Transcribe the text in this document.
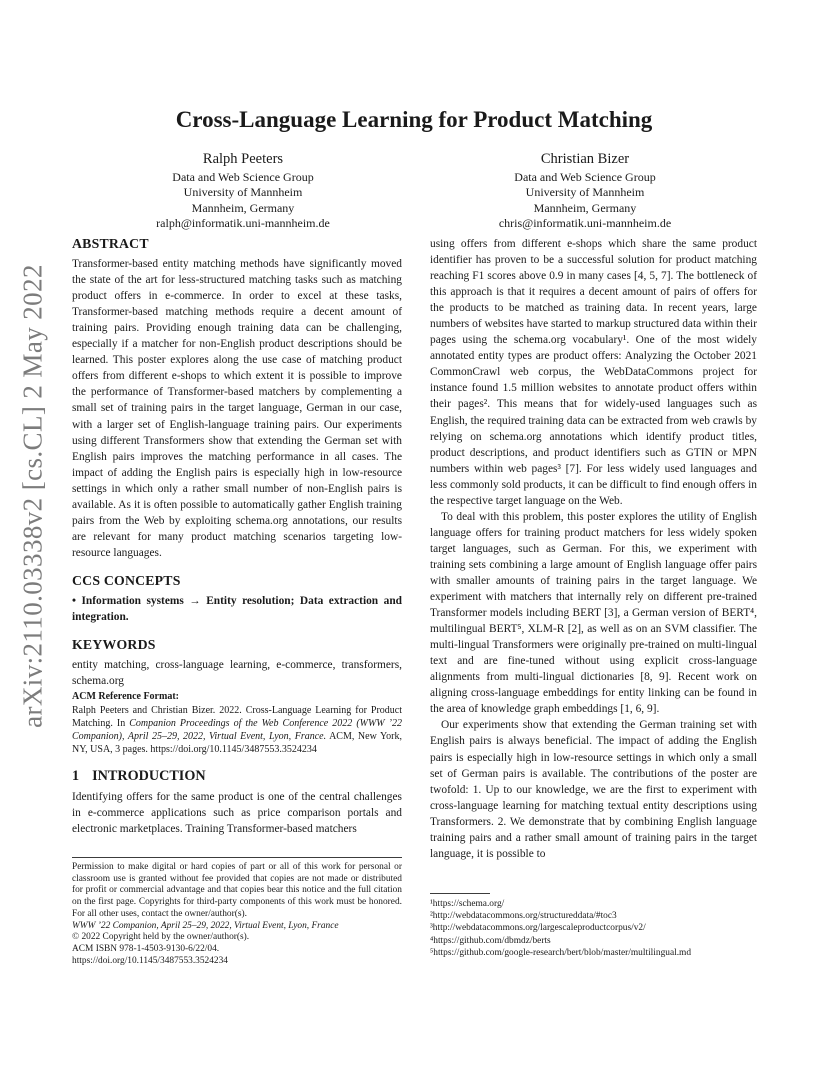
arXiv:2110.03338v2 [cs.CL] 2 May 2022
Cross-Language Learning for Product Matching
Ralph Peeters
Data and Web Science Group
University of Mannheim
Mannheim, Germany
ralph@informatik.uni-mannheim.de
Christian Bizer
Data and Web Science Group
University of Mannheim
Mannheim, Germany
chris@informatik.uni-mannheim.de
ABSTRACT

Transformer-based entity matching methods have significantly moved the state of the art for less-structured matching tasks such as matching product offers in e-commerce. In order to excel at these tasks, Transformer-based matching methods require a decent amount of training pairs. Providing enough training data can be challenging, especially if a matcher for non-English product descriptions should be learned. This poster explores along the use case of matching product offers from different e-shops to which extent it is possible to improve the performance of Transformer-based matchers by complementing a small set of training pairs in the target language, German in our case, with a larger set of English-language training pairs. Our experiments using different Transformers show that extending the German set with English pairs improves the matching performance in all cases. The impact of adding the English pairs is especially high in low-resource settings in which only a rather small number of non-English pairs is available. As it is often possible to automatically gather English training pairs from the Web by exploiting schema.org annotations, our results are relevant for many product matching scenarios targeting low-resource languages.

CCS CONCEPTS

• Information systems → Entity resolution; Data extraction and integration.

KEYWORDS

entity matching, cross-language learning, e-commerce, transformers, schema.org

ACM Reference Format:

Ralph Peeters and Christian Bizer. 2022. Cross-Language Learning for Product Matching. In Companion Proceedings of the Web Conference 2022 (WWW ’22 Companion), April 25–29, 2022, Virtual Event, Lyon, France. ACM, New York, NY, USA, 3 pages. https://doi.org/10.1145/3487553.3524234

1 INTRODUCTION

Identifying offers for the same product is one of the central challenges in e-commerce applications such as price comparison portals and electronic marketplaces. Training Transformer-based matchers

Permission to make digital or hard copies of part or all of this work for personal or classroom use is granted without fee provided that copies are not made or distributed for profit or commercial advantage and that copies bear this notice and the full citation on the first page. Copyrights for third-party components of this work must be honored. For all other uses, contact the owner/author(s).
WWW ’22 Companion, April 25–29, 2022, Virtual Event, Lyon, France
© 2022 Copyright held by the owner/author(s).
ACM ISBN 978-1-4503-9130-6/22/04.
https://doi.org/10.1145/3487553.3524234

using offers from different e-shops which share the same product identifier has proven to be a successful solution for product matching reaching F1 scores above 0.9 in many cases [4, 5, 7]. The bottleneck of this approach is that it requires a decent amount of pairs of offers for the products to be matched as training data. In recent years, large numbers of websites have started to markup structured data within their pages using the schema.org vocabulary¹. One of the most widely annotated entity types are product offers: Analyzing the October 2021 CommonCrawl web corpus, the WebDataCommons project for instance found 1.5 million websites to annotate product offers within their pages². This means that for widely-used languages such as English, the required training data can be extracted from web crawls by relying on schema.org annotations which identify product titles, product descriptions, and product identifiers such as GTIN or MPN numbers within web pages³ [7]. For less widely used languages and less commonly sold products, it can be difficult to find enough offers in the respective target language on the Web.

To deal with this problem, this poster explores the utility of English language offers for training product matchers for less widely spoken target languages, such as German. For this, we experiment with training sets combining a large amount of English language offer pairs with smaller amounts of training pairs in the target language. We experiment with matchers that internally rely on different pre-trained Transformer models including BERT [3], a German version of BERT⁴, multilingual BERT⁵, XLM-R [2], as well as on an SVM classifier. The multi-lingual Transformers were originally pre-trained on multi-lingual text and are fine-tuned without using explicit cross-language alignments from multi-lingual dictionaries [8, 9]. Recent work on aligning cross-language embeddings for entity linking can be found in the area of knowledge graph embeddings [1, 6, 9].

Our experiments show that extending the German training set with English pairs is always beneficial. The impact of adding the English pairs is especially high in low-resource settings in which only a small set of German pairs is available. The contributions of the poster are twofold: 1. Up to our knowledge, we are the first to experiment with cross-language learning for matching textual entity descriptions using Transformers. 2. We demonstrate that by combining English language training pairs and a rather small amount of training pairs in the target language, it is possible to

¹https://schema.org/
²http://webdatacommons.org/structureddata/#toc3
³http://webdatacommons.org/largescaleproductcorpus/v2/
⁴https://github.com/dbmdz/berts
⁵https://github.com/google-research/bert/blob/master/multilingual.md
